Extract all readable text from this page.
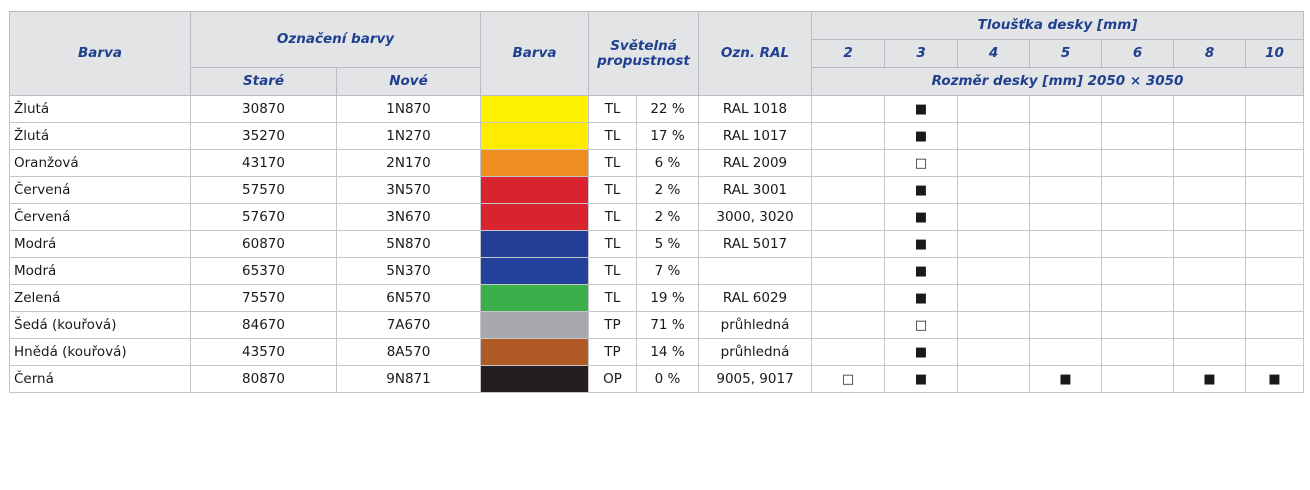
Barva	Označení barvy		Barva	Světelná propustnost		Ozn. RAL	Tloušťka desky [mm]						
							2	3	4	5	6	8	10
	Staré	Nové					Rozměr desky [mm] 2050 × 3050						
Žlutá	30870	1N870		TL	22 %	RAL 1018		■					
Žlutá	35270	1N270		TL	17 %	RAL 1017		■					
Oranžová	43170	2N170		TL	6 %	RAL 2009		□					
Červená	57570	3N570		TL	2 %	RAL 3001		■					
Červená	57670	3N670		TL	2 %	3000, 3020		■					
Modrá	60870	5N870		TL	5 %	RAL 5017		■					
Modrá	65370	5N370		TL	7 %			■					
Zelená	75570	6N570		TL	19 %	RAL 6029		■					
Šedá (kouřová)	84670	7A670		TP	71 %	průhledná		□					
Hnědá (kouřová)	43570	8A570		TP	14 %	průhledná		■					
Černá	80870	9N871		OP	0 %	9005, 9017	□	■		■		■	■
